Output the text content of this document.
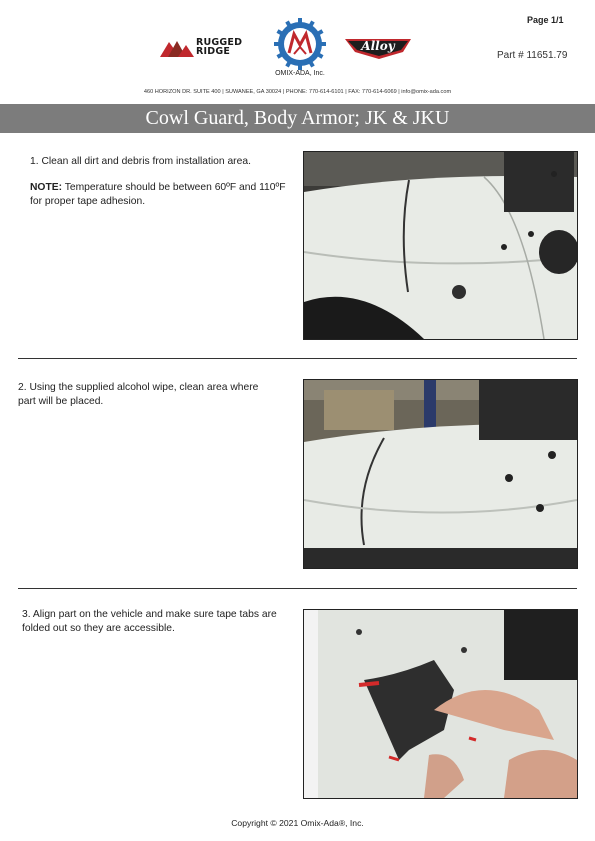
Page 1/1
Part # 11651.79
RUGGED
RIDGE
OMIX-ADA, Inc.
Alloy
460 HORIZON DR. SUITE 400 | SUWANEE, GA 30024 | PHONE: 770-614-6101 | FAX: 770-614-6069 | info@omix-ada.com
Cowl Guard, Body Armor; JK & JKU
1. Clean all dirt and debris from installation area.
NOTE: Temperature should be between 60ºF and 110ºF for proper tape adhesion.
2. Using the supplied alcohol wipe, clean area where part will be placed.
3. Align part on the vehicle and make sure tape tabs are folded out so they are accessible.
Copyright © 2021 Omix-Ada®, Inc.
